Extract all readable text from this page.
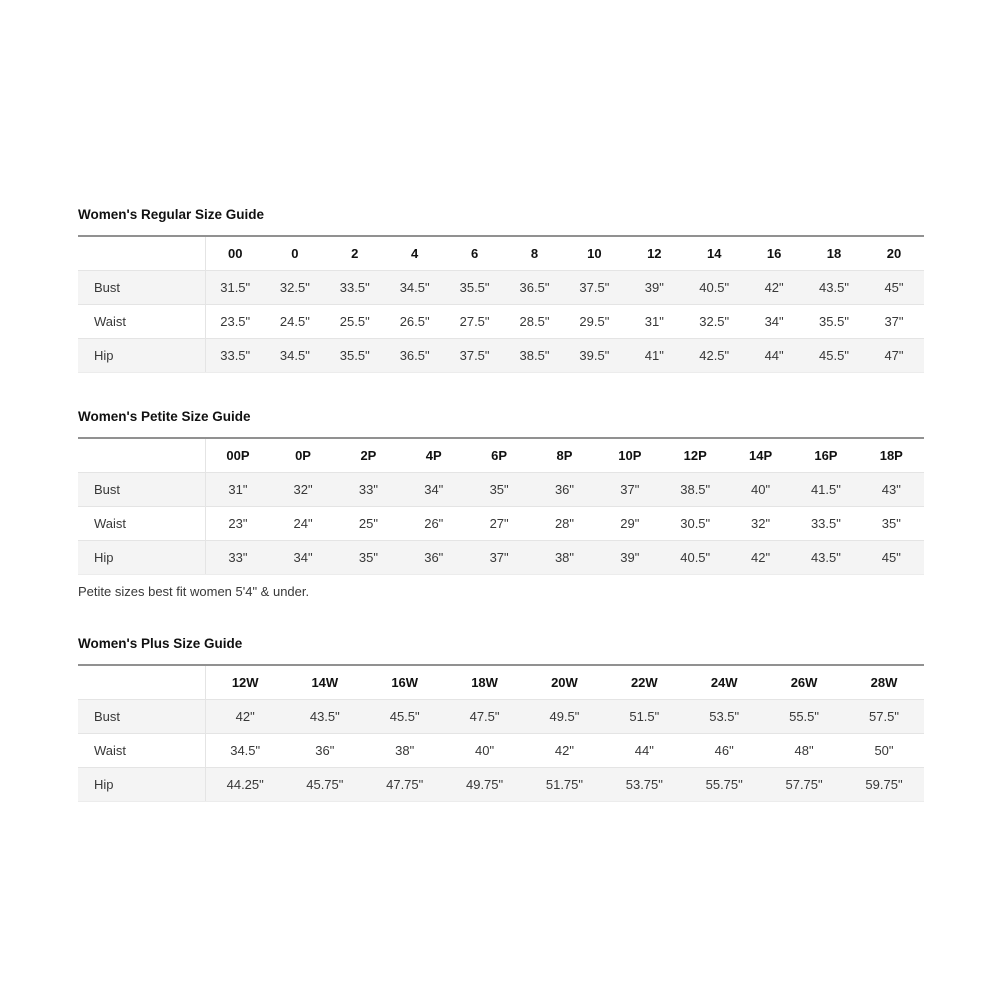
Women's Regular Size Guide
	00	0	2	4	6	8	10	12	14	16	18	20
Bust	31.5"	32.5"	33.5"	34.5"	35.5"	36.5"	37.5"	39"	40.5"	42"	43.5"	45"
Waist	23.5"	24.5"	25.5"	26.5"	27.5"	28.5"	29.5"	31"	32.5"	34"	35.5"	37"
Hip	33.5"	34.5"	35.5"	36.5"	37.5"	38.5"	39.5"	41"	42.5"	44"	45.5"	47"
Women's Petite Size Guide
	00P	0P	2P	4P	6P	8P	10P	12P	14P	16P	18P
Bust	31"	32"	33"	34"	35"	36"	37"	38.5"	40"	41.5"	43"
Waist	23"	24"	25"	26"	27"	28"	29"	30.5"	32"	33.5"	35"
Hip	33"	34"	35"	36"	37"	38"	39"	40.5"	42"	43.5"	45"

Petite sizes best fit women 5'4" & under.

Women's Plus Size Guide
	12W	14W	16W	18W	20W	22W	24W	26W	28W
Bust	42"	43.5"	45.5"	47.5"	49.5"	51.5"	53.5"	55.5"	57.5"
Waist	34.5"	36"	38"	40"	42"	44"	46"	48"	50"
Hip	44.25"	45.75"	47.75"	49.75"	51.75"	53.75"	55.75"	57.75"	59.75"
